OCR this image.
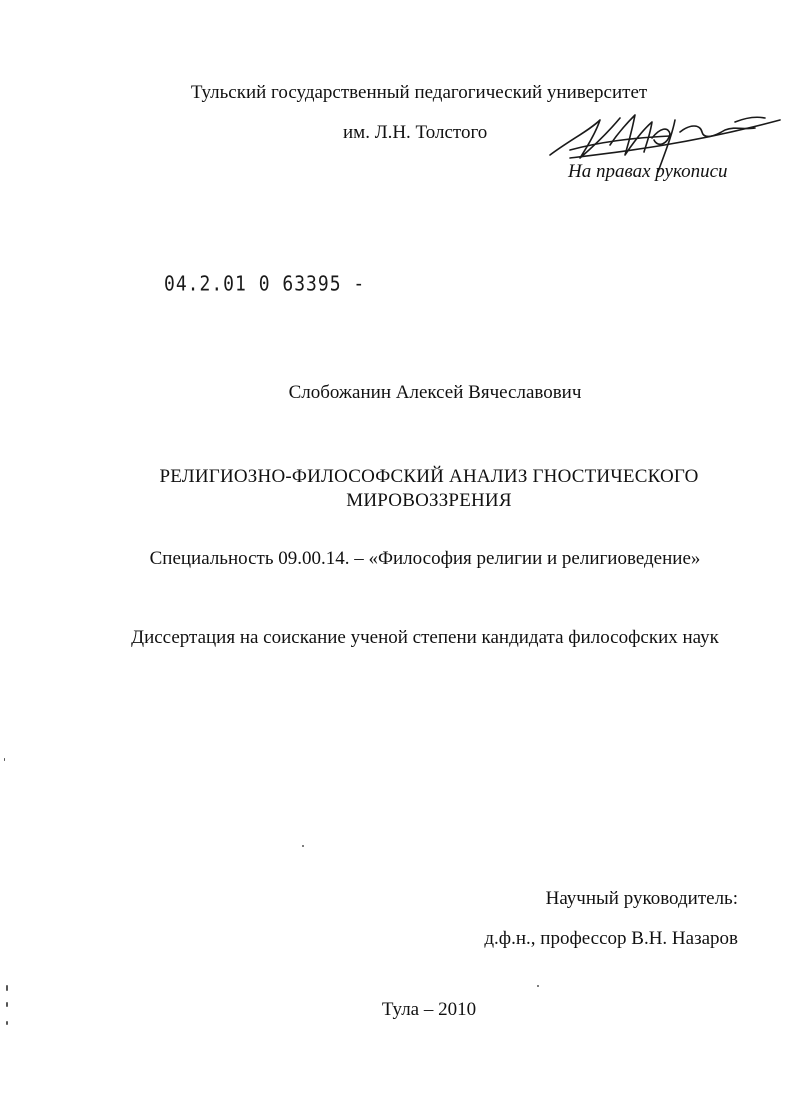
Тульский государственный педагогический университет
им. Л.Н. Толстого
На правах рукописи
04.2.01 0 63395 -
Слобожанин Алексей Вячеславович
РЕЛИГИОЗНО-ФИЛОСОФСКИЙ АНАЛИЗ ГНОСТИЧЕСКОГО
МИРОВОЗЗРЕНИЯ
Специальность 09.00.14. – «Философия религии и религиоведение»
Диссертация на соискание ученой степени кандидата философских наук
Научный руководитель:
д.ф.н., профессор В.Н. Назаров
Тула – 2010
